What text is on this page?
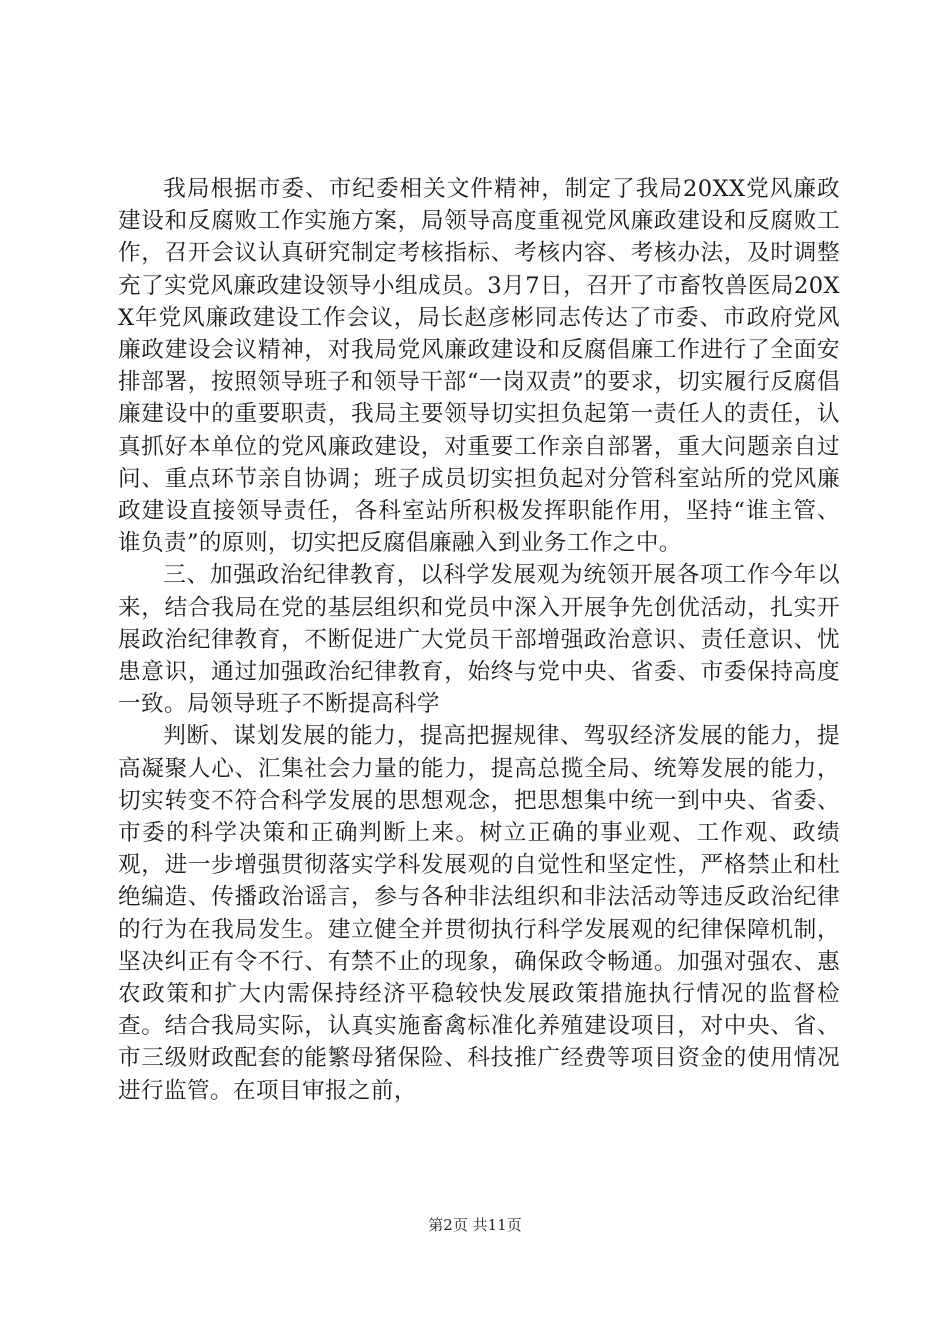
我局根据市委、市纪委相关文件精神，制定了我局20XX党风廉政建设和反腐败工作实施方案，局领导高度重视党风廉政建设和反腐败工作，召开会议认真研究制定考核指标、考核内容、考核办法，及时调整充了实党风廉政建设领导小组成员。3月7日，召开了市畜牧兽医局20XX年党风廉政建设工作会议，局长赵彦彬同志传达了市委、市政府党风廉政建设会议精神，对我局党风廉政建设和反腐倡廉工作进行了全面安排部署，按照领导班子和领导干部“一岗双责”的要求，切实履行反腐倡廉建设中的重要职责，我局主要领导切实担负起第一责任人的责任，认真抓好本单位的党风廉政建设，对重要工作亲自部署，重大问题亲自过问、重点环节亲自协调；班子成员切实担负起对分管科室站所的党风廉政建设直接领导责任，各科室站所积极发挥职能作用，坚持“谁主管、谁负责”的原则，切实把反腐倡廉融入到业务工作之中。

三、加强政治纪律教育，以科学发展观为统领开展各项工作今年以来，结合我局在党的基层组织和党员中深入开展争先创优活动，扎实开展政治纪律教育，不断促进广大党员干部增强政治意识、责任意识、忧患意识，通过加强政治纪律教育，始终与党中央、省委、市委保持高度一致。局领导班子不断提高科学

判断、谋划发展的能力，提高把握规律、驾驭经济发展的能力，提高凝聚人心、汇集社会力量的能力，提高总揽全局、统筹发展的能力，切实转变不符合科学发展的思想观念，把思想集中统一到中央、省委、市委的科学决策和正确判断上来。树立正确的事业观、工作观、政绩观，进一步增强贯彻落实学科发展观的自觉性和坚定性，严格禁止和杜绝编造、传播政治谣言，参与各种非法组织和非法活动等违反政治纪律的行为在我局发生。建立健全并贯彻执行科学发展观的纪律保障机制，坚决纠正有令不行、有禁不止的现象，确保政令畅通。加强对强农、惠农政策和扩大内需保持经济平稳较快发展政策措施执行情况的监督检查。结合我局实际，认真实施畜禽标准化养殖建设项目，对中央、省、市三级财政配套的能繁母猪保险、科技推广经费等项目资金的使用情况进行监管。在项目审报之前，

第2页 共11页
